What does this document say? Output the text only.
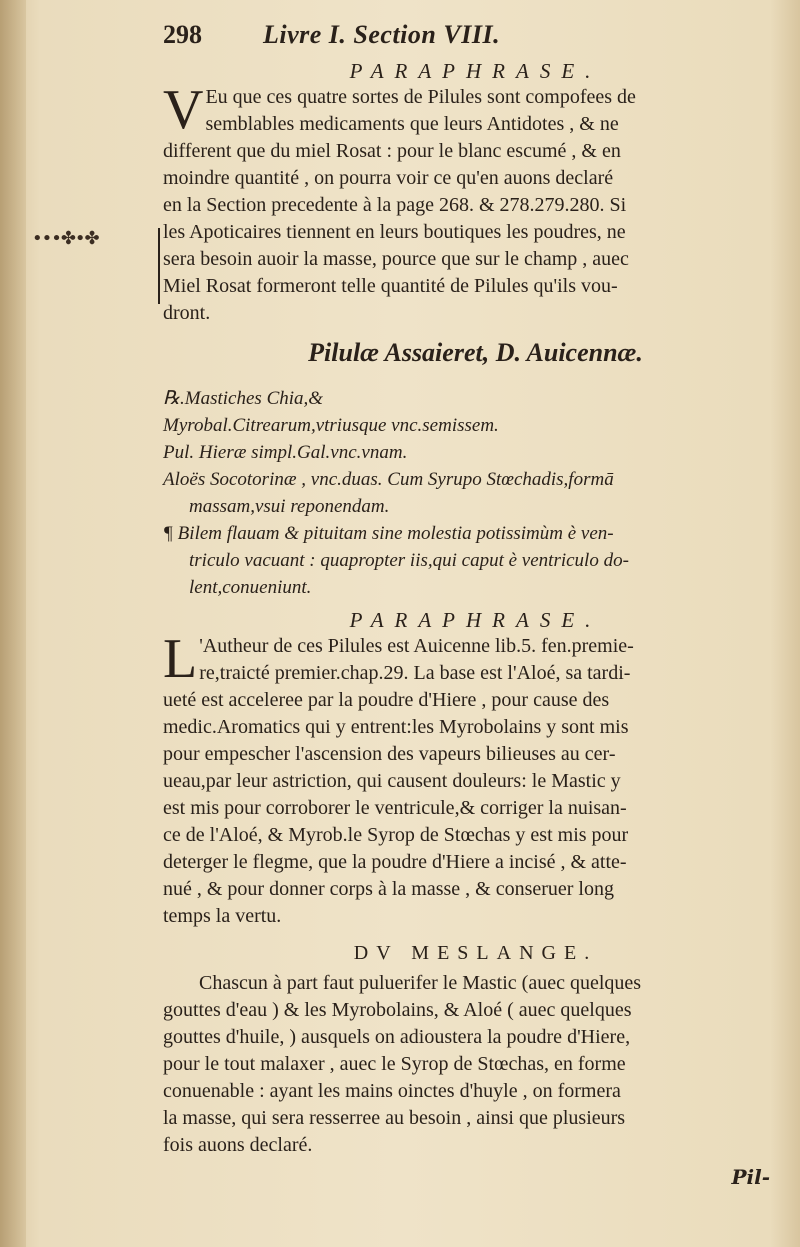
•••✤•✤
298	Livre I. Section VIII.
PARAPHRASE.
V Eu que ces quatre sortes de Pilules sont compofees de
semblables medicaments que leurs Antidotes , & ne
different que du miel Rosat : pour le blanc escumé , & en
moindre quantité , on pourra voir ce qu'en auons declaré
en la Section precedente à la page 268. & 278.279.280. Si
les Apoticaires tiennent en leurs boutiques les poudres, ne
sera besoin auoir la masse, pource que sur le champ , auec
Miel Rosat formeront telle quantité de Pilules qu'ils vou-
dront.
Pilulæ Assaieret, D. Auicennæ.
℞.Mastiches Chia,&
Myrobal.Citrearum,vtriusque vnc.semissem.
Pul. Hieræ simpl.Gal.vnc.vnam.
Aloës Socotorinæ , vnc.duas. Cum Syrupo Stœchadis,formā
massam,vsui reponendam.
¶ Bilem flauam & pituitam sine molestia potissimùm è ven-
triculo vacuant : quapropter iis,qui caput è ventriculo do-
lent,conueniunt.
PARAPHRASE.
L 'Autheur de ces Pilules est Auicenne lib.5. fen.premie-
re,traicté premier.chap.29. La base est l'Aloé, sa tardi-
ueté est acceleree par la poudre d'Hiere , pour cause des
medic.Aromatics qui y entrent:les Myrobolains y sont mis
pour empescher l'ascension des vapeurs bilieuses au cer-
ueau,par leur astriction, qui causent douleurs: le Mastic y
est mis pour corroborer le ventricule,& corriger la nuisan-
ce de l'Aloé, & Myrob.le Syrop de Stœchas y est mis pour
deterger le flegme, que la poudre d'Hiere a incisé , & atte-
nué , & pour donner corps à la masse , & conseruer long
temps la vertu.
DV MESLANGE.
Chascun à part faut puluerifer le Mastic (auec quelques
gouttes d'eau ) & les Myrobolains, & Aloé ( auec quelques
gouttes d'huile, ) ausquels on adioustera la poudre d'Hiere,
pour le tout malaxer , auec le Syrop de Stœchas, en forme
conuenable : ayant les mains oinctes d'huyle , on formera
la masse, qui sera resserree au besoin , ainsi que plusieurs
fois auons declaré.
Pil-
